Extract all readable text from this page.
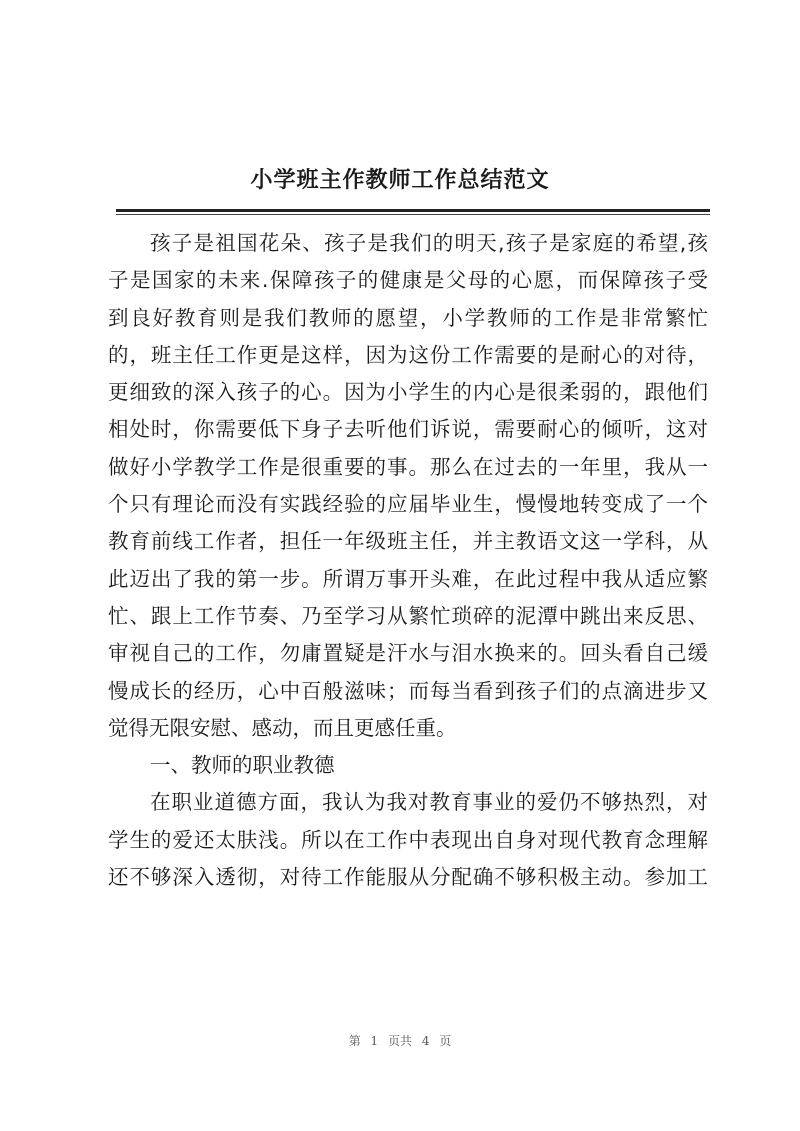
小学班主作教师工作总结范文
孩子是祖国花朵、孩子是我们的明天,孩子是家庭的希望,孩
子是国家的未来.保障孩子的健康是父母的心愿，而保障孩子受
到良好教育则是我们教师的愿望，小学教师的工作是非常繁忙
的，班主任工作更是这样，因为这份工作需要的是耐心的对待，
更细致的深入孩子的心。因为小学生的内心是很柔弱的，跟他们
相处时，你需要低下身子去听他们诉说，需要耐心的倾听，这对
做好小学教学工作是很重要的事。那么在过去的一年里，我从一
个只有理论而没有实践经验的应届毕业生，慢慢地转变成了一个
教育前线工作者，担任一年级班主任，并主教语文这一学科，从
此迈出了我的第一步。所谓万事开头难，在此过程中我从适应繁
忙、跟上工作节奏、乃至学习从繁忙琐碎的泥潭中跳出来反思、
审视自己的工作，勿庸置疑是汗水与泪水换来的。回头看自己缓
慢成长的经历，心中百般滋味；而每当看到孩子们的点滴进步又
觉得无限安慰、感动，而且更感任重。
一、教师的职业教德
在职业道德方面，我认为我对教育事业的爱仍不够热烈，对
学生的爱还太肤浅。所以在工作中表现出自身对现代教育念理解
还不够深入透彻，对待工作能服从分配确不够积极主动。参加工
第 1 页共 4 页
